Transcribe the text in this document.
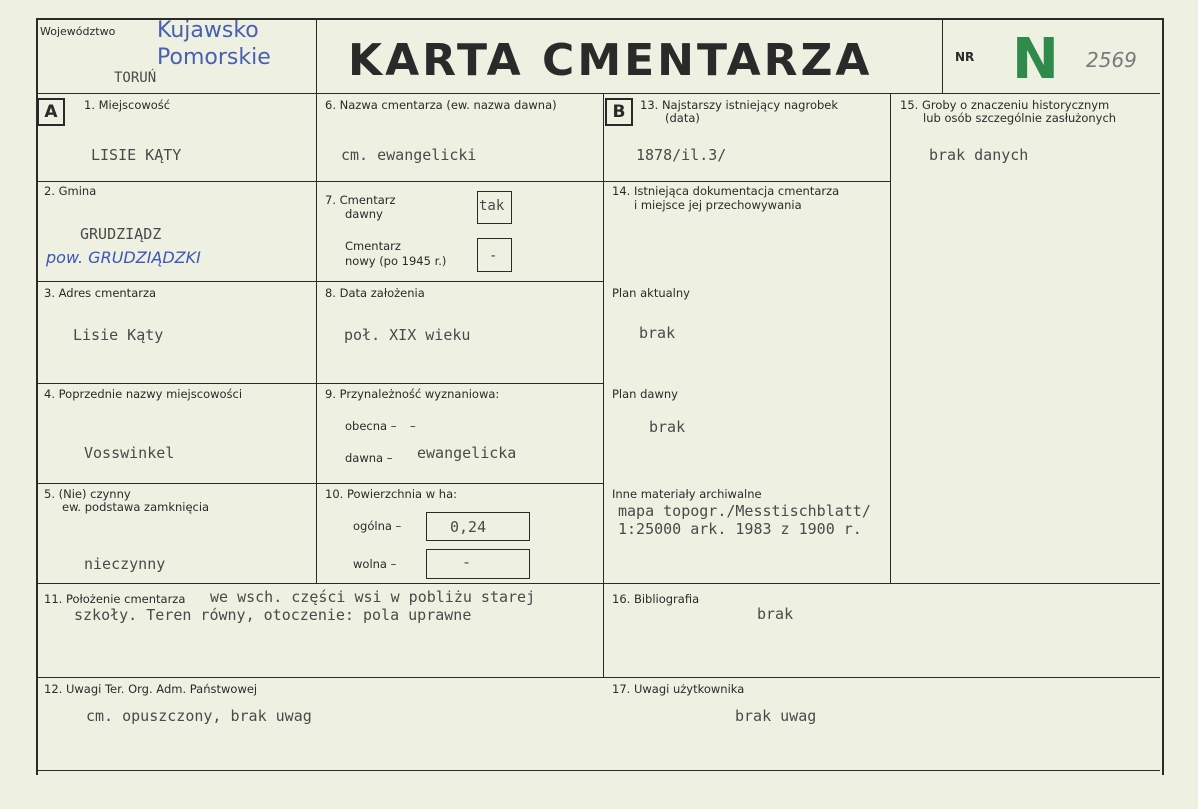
Województwo Kujawsko
Pomorskie
TORUŃ	KARTA CMENTARZA	NR N 2569
A	1. Miejscowość
LISIE KĄTY
2. Gmina
GRUDZIĄDZ
pow. GRUDZIĄDZKI
3. Adres cmentarza
Lisie Kąty
4. Poprzednie nazwy miejscowości
Vosswinkel
5. (Nie) czynny
ew. podstawa zamknięcia
nieczynny
6. Nazwa cmentarza (ew. nazwa dawna)
cm. ewangelicki
7. Cmentarz
dawny	tak
Cmentarz
nowy (po 1945 r.)	-
8. Data założenia
poł. XIX wieku
9. Przynależność wyznaniowa:
obecna – –
dawna – ewangelicka
10. Powierzchnia w ha:
ogólna –	0,24
wolna –	-
B	13. Najstarszy istniejący nagrobek
(data)
1878/il.3/
14. Istniejąca dokumentacja cmentarza
i miejsce jej przechowywania
Plan aktualny
brak
Plan dawny
brak
Inne materiały archiwalne
mapa topogr./Messtischblatt/
1:25000 ark. 1983 z 1900 r.
15. Groby o znaczeniu historycznym
lub osób szczególnie zasłużonych
brak danych
11. Położenie cmentarza we wsch. części wsi w pobliżu starej
szkoły. Teren równy, otoczenie: pola uprawne
16. Bibliografia
brak
12. Uwagi Ter. Org. Adm. Państwowej
cm. opuszczony, brak uwag
17. Uwagi użytkownika
brak uwag
